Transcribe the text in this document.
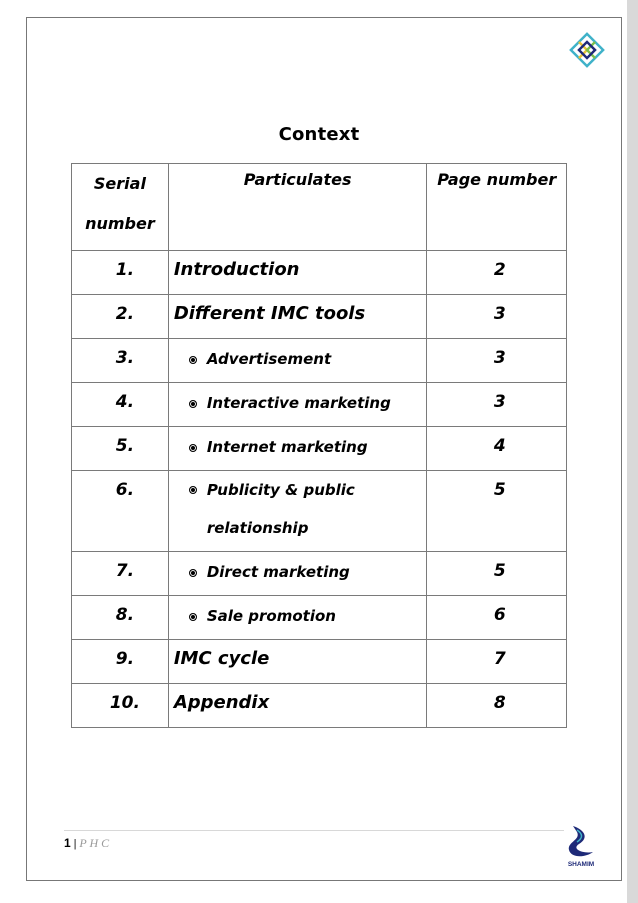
Context
Serial number	Particulates	Page number
1.	Introduction	2
2.	Different IMC tools	3
3.	Advertisement	3
4.	Interactive marketing	3
5.	Internet marketing	4
6.	Publicity & public relationship	5
7.	Direct marketing	5
8.	Sale promotion	6
9.	IMC cycle	7
10.	Appendix	8
1 | P H C
SHAMIM
